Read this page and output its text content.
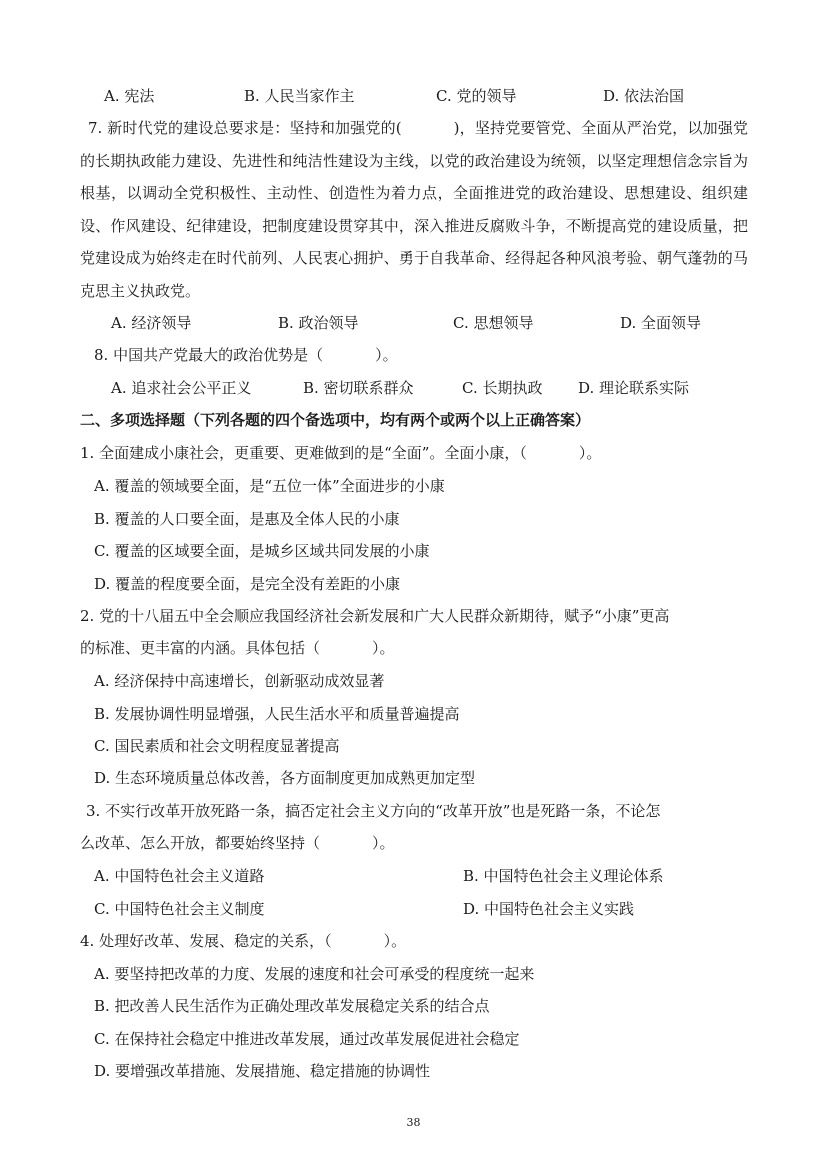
A. 宪法	B. 人民当家作主	C. 党的领导	D. 依法治国
7. 新时代党的建设总要求是：坚持和加强党的(	)，坚持党要管党、全面从严治党，以加强党的长期执政能力建设、先进性和纯洁性建设为主线，以党的政治建设为统领，以坚定理想信念宗旨为根基，以调动全党积极性、主动性、创造性为着力点，全面推进党的政治建设、思想建设、组织建设、作风建设、纪律建设，把制度建设贯穿其中，深入推进反腐败斗争，不断提高党的建设质量，把党建设成为始终走在时代前列、人民衷心拥护、勇于自我革命、经得起各种风浪考验、朝气蓬勃的马克思主义执政党。
A. 经济领导	B. 政治领导	C. 思想领导	D. 全面领导
8. 中国共产党最大的政治优势是（	）。
A. 追求社会公平正义	B. 密切联系群众	C. 长期执政 D. 理论联系实际
二、多项选择题（下列各题的四个备选项中，均有两个或两个以上正确答案）
1. 全面建成小康社会，更重要、更难做到的是“全面”。全面小康，（	）。
A. 覆盖的领域要全面，是“五位一体”全面进步的小康
B. 覆盖的人口要全面，是惠及全体人民的小康
C. 覆盖的区域要全面，是城乡区域共同发展的小康
D. 覆盖的程度要全面，是完全没有差距的小康
2. 党的十八届五中全会顺应我国经济社会新发展和广大人民群众新期待，赋予“小康”更高
的标准、更丰富的内涵。具体包括（	）。
A. 经济保持中高速增长，创新驱动成效显著
B. 发展协调性明显增强，人民生活水平和质量普遍提高
C. 国民素质和社会文明程度显著提高
D. 生态环境质量总体改善，各方面制度更加成熟更加定型
3. 不实行改革开放死路一条，搞否定社会主义方向的“改革开放”也是死路一条，不论怎
么改革、怎么开放，都要始终坚持（	）。
A. 中国特色社会主义道路	B. 中国特色社会主义理论体系
C. 中国特色社会主义制度	D. 中国特色社会主义实践
4. 处理好改革、发展、稳定的关系，（	）。
A. 要坚持把改革的力度、发展的速度和社会可承受的程度统一起来
B. 把改善人民生活作为正确处理改革发展稳定关系的结合点
C. 在保持社会稳定中推进改革发展，通过改革发展促进社会稳定
D. 要增强改革措施、发展措施、稳定措施的协调性
38
